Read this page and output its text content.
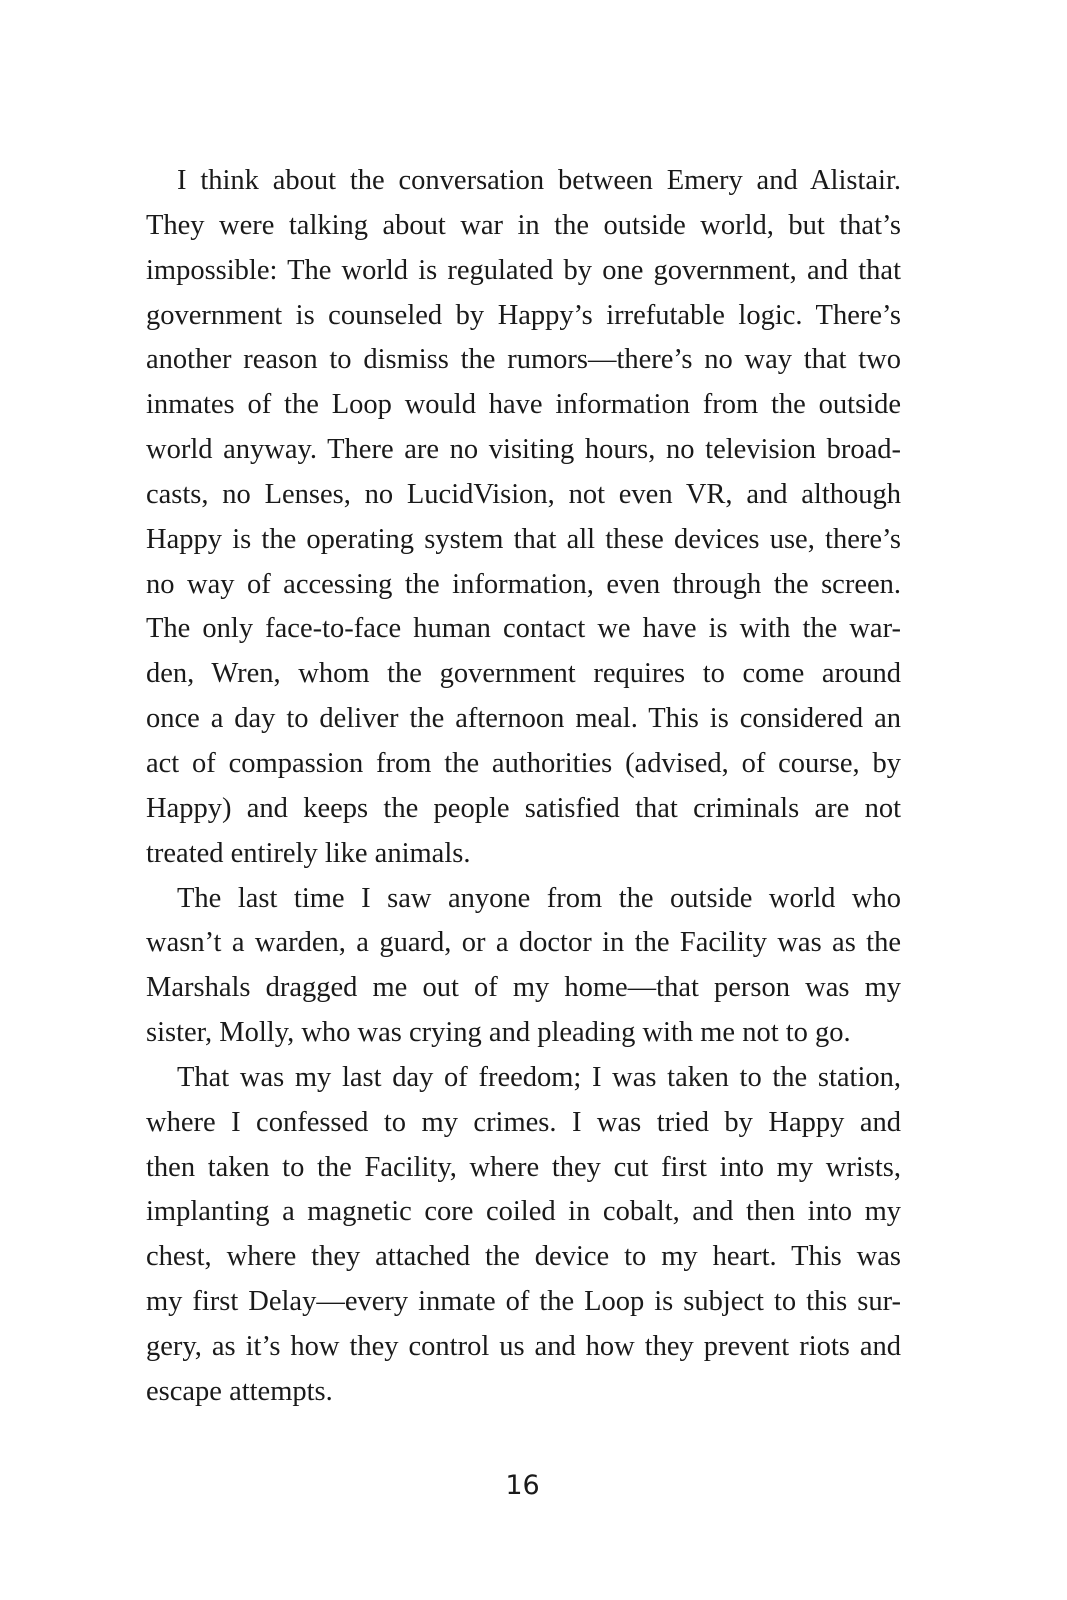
I think about the conversation between Emery and Alistair.
They were talking about war in the outside world, but that’s
impossible: The world is regulated by one government, and that
government is counseled by Happy’s irrefutable logic. There’s
another reason to dismiss the rumors—there’s no way that two
inmates of the Loop would have information from the outside
world anyway. There are no visiting hours, no television broad-
casts, no Lenses, no LucidVision, not even VR, and although
Happy is the operating system that all these devices use, there’s
no way of accessing the information, even through the screen.
The only face-to-face human contact we have is with the war-
den, Wren, whom the government requires to come around
once a day to deliver the afternoon meal. This is considered an
act of compassion from the authorities (advised, of course, by
Happy) and keeps the people satisfied that criminals are not
treated entirely like animals.
The last time I saw anyone from the outside world who
wasn’t a warden, a guard, or a doctor in the Facility was as the
Marshals dragged me out of my home—that person was my
sister, Molly, who was crying and pleading with me not to go.
That was my last day of freedom; I was taken to the station,
where I confessed to my crimes. I was tried by Happy and
then taken to the Facility, where they cut first into my wrists,
implanting a magnetic core coiled in cobalt, and then into my
chest, where they attached the device to my heart. This was
my first Delay—every inmate of the Loop is subject to this sur-
gery, as it’s how they control us and how they prevent riots and
escape attempts.
16
